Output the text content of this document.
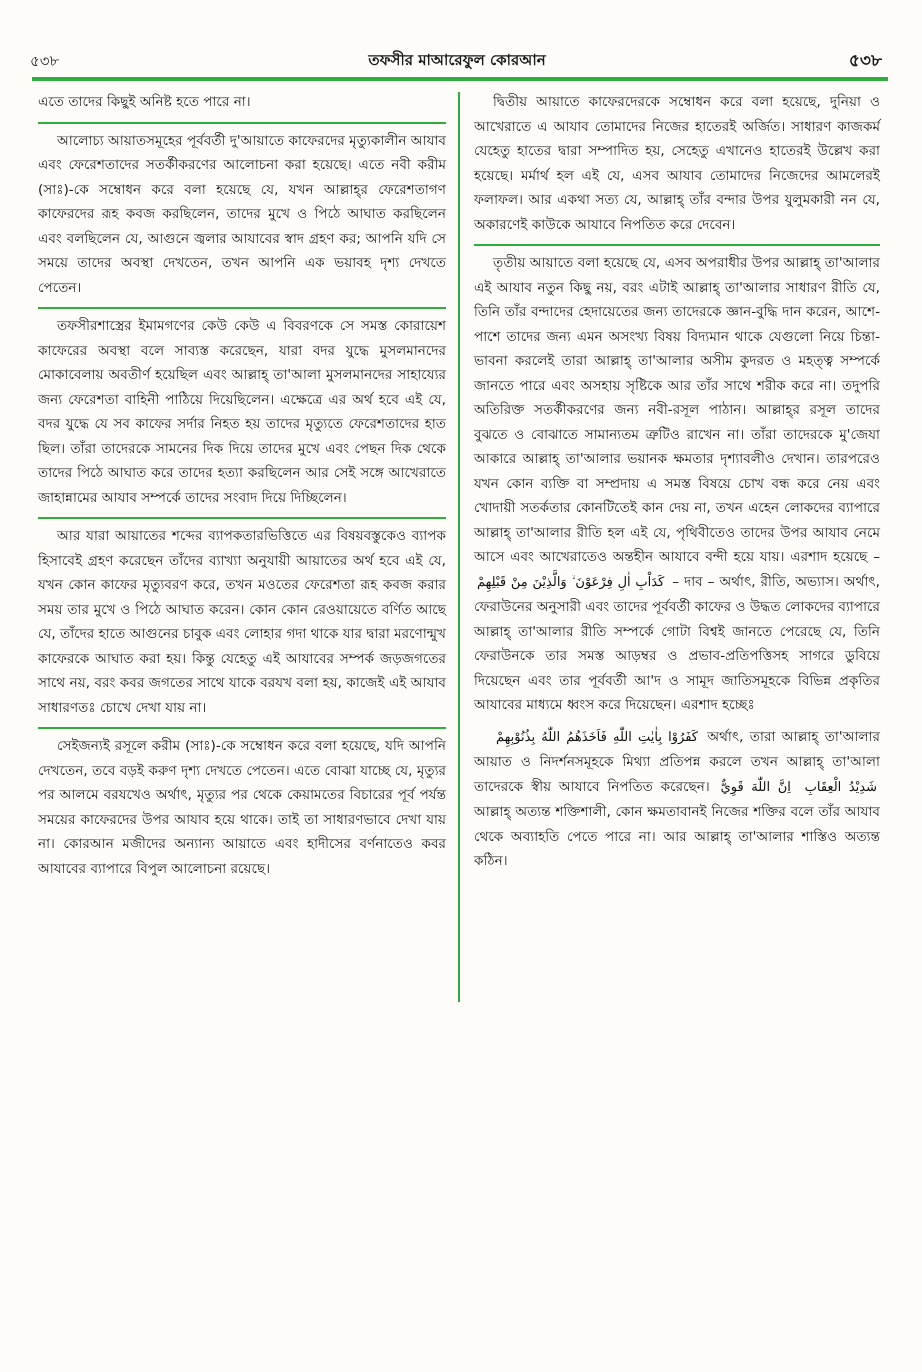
৫৩৮	তফসীর মাআরেফুল কোরআন	৫৩৮

এতে তাদের কিছুই অনিষ্ট হতে পারে না।

আলোচ্য আয়াতসমূহের পূর্ববর্তী দু'আয়াতে কাফেরদের মৃত্যুকালীন আযাব এবং ফেরেশতাদের সতর্কীকরণের আলোচনা করা হয়েছে। এতে নবী করীম (সাঃ)-কে সম্বোধন করে বলা হয়েছে যে, যখন আল্লাহ্‌র ফেরেশতাগণ কাফেরদের রূহ কবজ করছিলেন, তাদের মুখে ও পিঠে আঘাত করছিলেন এবং বলছিলেন যে, আগুনে জ্বলার আযাবের স্বাদ গ্রহণ কর; আপনি যদি সে সময়ে তাদের অবস্থা দেখতেন, তখন আপনি এক ভয়াবহ দৃশ্য দেখতে পেতেন।

তফসীরশাস্ত্রের ইমামগণের কেউ কেউ এ বিবরণকে সে সমস্ত কোরায়েশ কাফেরের অবস্থা বলে সাব্যস্ত করেছেন, যারা বদর যুদ্ধে মুসলমানদের মোকাবেলায় অবতীর্ণ হয়েছিল এবং আল্লাহ্‌ তা'আলা মুসলমানদের সাহায্যের জন্য ফেরেশতা বাহিনী পাঠিয়ে দিয়েছিলেন। এক্ষেত্রে এর অর্থ হবে এই যে, বদর যুদ্ধে যে সব কাফের সর্দার নিহত হয় তাদের মৃত্যুতে ফেরেশতাদের হাত ছিল। তাঁরা তাদেরকে সামনের দিক দিয়ে তাদের মুখে এবং পেছন দিক থেকে তাদের পিঠে আঘাত করে তাদের হত্যা করছিলেন আর সেই সঙ্গে আখেরাতে জাহান্নামের আযাব সম্পর্কে তাদের সংবাদ দিয়ে দিচ্ছিলেন।

আর যারা আয়াতের শব্দের ব্যাপকতারভিত্তিতে এর বিষয়বস্তুকেও ব্যাপক হিসাবেই গ্রহণ করেছেন তাঁদের ব্যাখ্যা অনুযায়ী আয়াতের অর্থ হবে এই যে, যখন কোন কাফের মৃত্যুবরণ করে, তখন মওতের ফেরেশতা রূহ কবজ করার সময় তার মুখে ও পিঠে আঘাত করেন। কোন কোন রেওয়ায়েতে বর্ণিত আছে যে, তাঁদের হাতে আগুনের চাবুক এবং লোহার গদা থাকে যার দ্বারা মরণোন্মুখ কাফেরকে আঘাত করা হয়। কিন্তু যেহেতু এই আযাবের সম্পর্ক জড়জগতের সাথে নয়, বরং কবর জগতের সাথে যাকে বরযখ বলা হয়, কাজেই এই আযাব সাধারণতঃ চোখে দেখা যায় না।

সেইজন্যই রসূলে করীম (সাঃ)-কে সম্বোধন করে বলা হয়েছে, যদি আপনি দেখতেন, তবে বড়ই করুণ দৃশ্য দেখতে পেতেন। এতে বোঝা যাচ্ছে যে, মৃত্যুর পর আলমে বরযখেও অর্থাৎ, মৃত্যুর পর থেকে কেয়ামতের বিচারের পূর্ব পর্যন্ত সময়ের কাফেরদের উপর আযাব হয়ে থাকে। তাই তা সাধারণভাবে দেখা যায় না। কোরআন মজীদের অন্যান্য আয়াতে এবং হাদীসের বর্ণনাতেও কবর আযাবের ব্যাপারে বিপুল আলোচনা রয়েছে।

দ্বিতীয় আয়াতে কাফেরদেরকে সম্বোধন করে বলা হয়েছে, দুনিয়া ও আখেরাতে এ আযাব তোমাদের নিজের হাতেরই অর্জিত। সাধারণ কাজকর্ম যেহেতু হাতের দ্বারা সম্পাদিত হয়, সেহেতু এখানেও হাতেরই উল্লেখ করা হয়েছে। মর্মার্থ হল এই যে, এসব আযাব তোমাদের নিজেদের আমলেরই ফলাফল। আর একথা সত্য যে, আল্লাহ্‌ তাঁর বন্দার উপর যুলুমকারী নন যে, অকারণেই কাউকে আযাবে নিপতিত করে দেবেন।

তৃতীয় আয়াতে বলা হয়েছে যে, এসব অপরাধীর উপর আল্লাহ্‌ তা'আলার এই আযাব নতুন কিছু নয়, বরং এটাই আল্লাহ্‌ তা'আলার সাধারণ রীতি যে, তিনি তাঁর বন্দাদের হেদায়েতের জন্য তাদেরকে জ্ঞান-বুদ্ধি দান করেন, আশে-পাশে তাদের জন্য এমন অসংখ্য বিষয় বিদ্যমান থাকে যেগুলো নিয়ে চিন্তা-ভাবনা করলেই তারা আল্লাহ্‌ তা'আলার অসীম কুদরত ও মহত্ত্ব সম্পর্কে জানতে পারে এবং অসহায় সৃষ্টিকে আর তাঁর সাথে শরীক করে না। তদুপরি অতিরিক্ত সতর্কীকরণের জন্য নবী-রসূল পাঠান। আল্লাহ্‌র রসূল তাদের বুঝতে ও বোঝাতে সামান্যতম ত্রুটিও রাখেন না। তাঁরা তাদেরকে মু'জেযা আকারে আল্লাহ্‌ তা'আলার ভয়ানক ক্ষমতার দৃশ্যাবলীও দেখান। তারপরেও যখন কোন ব্যক্তি বা সম্প্রদায় এ সমস্ত বিষয়ে চোখ বন্ধ করে নেয় এবং খোদায়ী সতর্কতার কোনটিতেই কান দেয় না, তখন এহেন লোকদের ব্যাপারে আল্লাহ্‌ তা'আলার রীতি হল এই যে, পৃথিবীতেও তাদের উপর আযাব নেমে আসে এবং আখেরাতেও অন্তহীন আযাবে বন্দী হয়ে যায়। এরশাদ হয়েছে – كَدَاْبِ اٰلِ فِرْعَوْنَ ۙ وَالَّذِيْنَ مِنْ قَبْلِهِمْ – দাব – অর্থাৎ, রীতি, অভ্যাস। অর্থাৎ, ফেরাউনের অনুসারী এবং তাদের পূর্ববর্তী কাফের ও উদ্ধত লোকদের ব্যাপারে আল্লাহ্‌ তা'আলার রীতি সম্পর্কে গোটা বিশ্বই জানতে পেরেছে যে, তিনি ফেরাউনকে তার সমস্ত আড়ম্বর ও প্রভাব-প্রতিপত্তিসহ সাগরে ডুবিয়ে দিয়েছেন এবং তার পূর্ববর্তী আ'দ ও সামূদ জাতিসমূহকে বিভিন্ন প্রকৃতির আযাবের মাধ্যমে ধ্বংস করে দিয়েছেন। এরশাদ হচ্ছেঃ

كَفَرُوْا بِاٰيٰتِ اللّٰهِ فَاَخَذَهُمُ اللّٰهُ بِذُنُوْبِهِمْ অর্থাৎ, তারা আল্লাহ্‌ তা'আলার আয়াত ও নিদর্শনসমূহকে মিথ্যা প্রতিপন্ন করলে তখন আল্লাহ্‌ তা'আলা তাদেরকে স্বীয় আযাবে নিপতিত করেছেন। اِنَّ اللّٰهَ قَوِيٌّ شَدِيْدُ الْعِقَابِ আল্লাহ্‌ অত্যন্ত শক্তিশালী, কোন ক্ষমতাবানই নিজের শক্তির বলে তাঁর আযাব থেকে অব্যাহতি পেতে পারে না। আর আল্লাহ্‌ তা'আলার শাস্তিও অত্যন্ত কঠিন।
